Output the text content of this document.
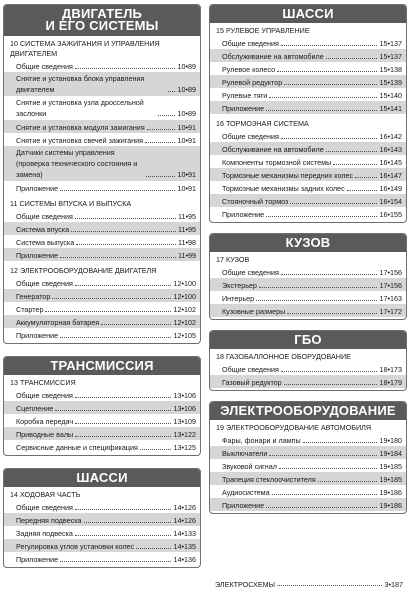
ДВИГАТЕЛЬ
И ЕГО СИСТЕМЫ
10 СИСТЕМА ЗАЖИГАНИЯ И УПРАВЛЕНИЯ ДВИГАТЕЛЕМ
Общие сведения	10•89
Снятие и установка блока управления двигателем	10•89
Снятие и установка узла дроссельной заслонки	10•89
Снятие и установка модуля зажигания	10•91
Снятие и установка свечей зажигания	10•91
Датчики системы управления (проверка технического состояния и замена)	10•91
Приложение	10•91
11 СИСТЕМЫ ВПУСКА И ВЫПУСКА
Общие сведения	11•95
Система впуска	11•95
Система выпуска	11•98
Приложение	11•99
12 ЭЛЕКТРООБОРУДОВАНИЕ ДВИГАТЕЛЯ
Общие сведения	12•100
Генератор	12•100
Стартер	12•102
Аккумуляторная батарея	12•102
Приложение	12•105
ТРАНСМИССИЯ
13 ТРАНСМИССИЯ
Общие сведения	13•106
Сцепление	13•106
Коробка передач	13•109
Приводные валы	13•122
Сервисные данные и спецификация	13•125
ШАССИ
14 ХОДОВАЯ ЧАСТЬ
Общие сведения	14•126
Передняя подвеска	14•126
Задняя подвеска	14•133
Регулировка углов установки колес	14•135
Приложение	14•136
ШАССИ
15 РУЛЕВОЕ УПРАВЛЕНИЕ
Общие сведения	15•137
Обслуживание на автомобиле	15•137
Рулевое колесо	15•138
Рулевой редуктор	15•139
Рулевые тяги	15•140
Приложение	15•141
16 ТОРМОЗНАЯ СИСТЕМА
Общие сведения	16•142
Обслуживание на автомобиле	16•143
Компоненты тормозной системы	16•145
Тормозные механизмы передних колес	16•147
Тормозные механизмы задних колес	16•149
Стояночный тормоз	16•154
Приложение	16•155
КУЗОВ
17 КУЗОВ
Общие сведения	17•156
Экстерьер	17•156
Интерьер	17•163
Кузовные размеры	17•172
ГБО
18 ГАЗОБАЛЛОННОЕ ОБОРУДОВАНИЕ
Общие сведения	18•173
Газовый редуктор	18•179
ЭЛЕКТРООБОРУДОВАНИЕ
19 ЭЛЕКТРООБОРУДОВАНИЕ АВТОМОБИЛЯ
Фары, фонари и лампы	19•180
Выключатели	19•184
Звуковой сигнал	19•185
Трапеция стеклоочистителя	19•185
Аудиосистема	19•186
Приложение	19•186
ЭЛЕКТРОСХЕМЫ	3•187
